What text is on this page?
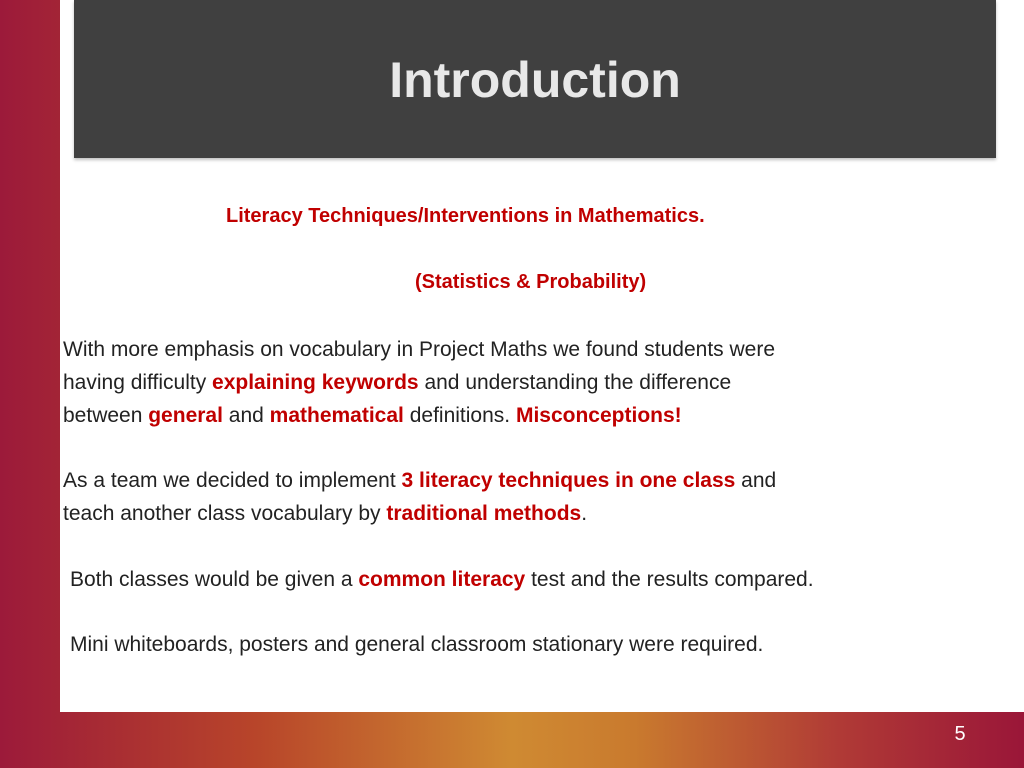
Introduction
Literacy Techniques/Interventions in Mathematics.
(Statistics & Probability)
With more emphasis on vocabulary in Project Maths we found students were
having difficulty explaining keywords and understanding the difference
between general and mathematical definitions. Misconceptions!
As a team we decided to implement 3 literacy techniques in one class and
teach another class vocabulary by traditional methods.
Both classes would be given a common literacy test and the results compared.
Mini whiteboards, posters and general classroom stationary were required.
5
